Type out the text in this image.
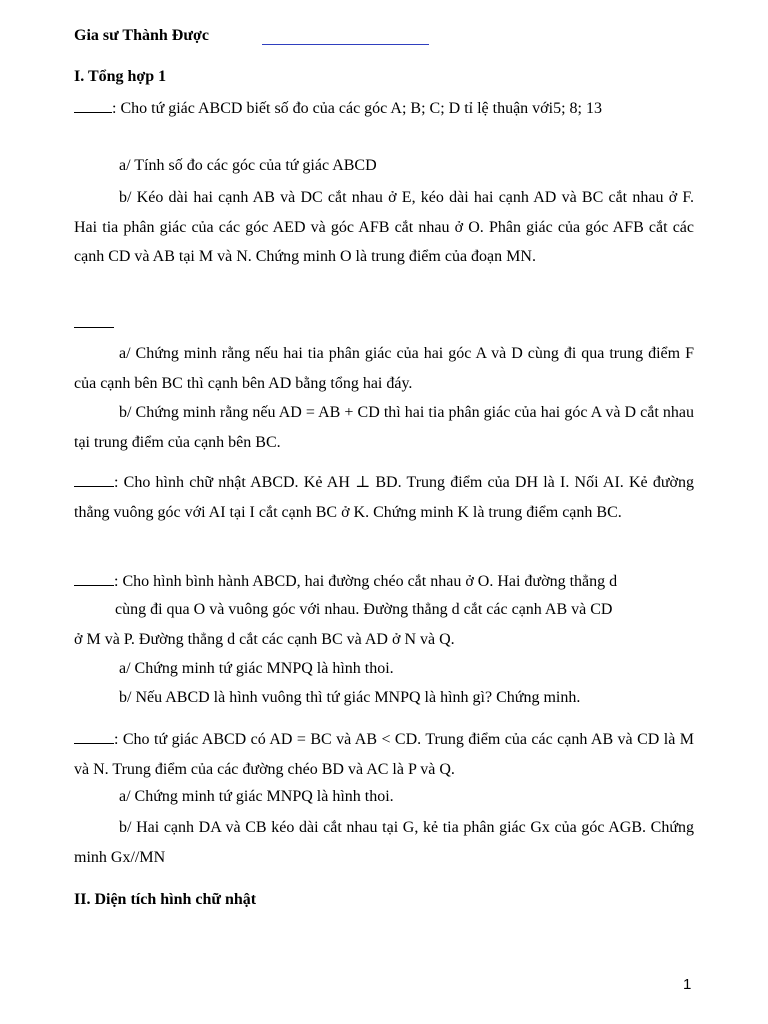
Gia sư Thành Được
I. Tổng hợp 1
: Cho tứ giác ABCD biết số đo của các góc A; B; C; D tỉ lệ thuận với5; 8; 13
a/ Tính số đo các góc của tứ giác ABCD
b/ Kéo dài hai cạnh AB và DC cắt nhau ở E, kéo dài hai cạnh AD và BC cắt nhau ở F. Hai tia phân giác của các góc AED và góc AFB cắt nhau ở O. Phân giác của góc AFB cắt các cạnh CD và AB tại M và N. Chứng minh O là trung điểm của đoạn MN.
a/ Chứng minh rằng nếu hai tia phân giác của hai góc A và D cùng đi qua trung điểm F của cạnh bên BC thì cạnh bên AD bằng tổng hai đáy.
b/ Chứng minh rằng nếu AD = AB + CD thì hai tia phân giác của hai góc A và D cắt nhau tại trung điểm của cạnh bên BC.
: Cho hình chữ nhật ABCD. Kẻ AH ⊥ BD. Trung điểm của DH là I. Nối AI. Kẻ đường thẳng vuông góc với AI tại I cắt cạnh BC ở K. Chứng minh K là trung điểm cạnh BC.
: Cho hình bình hành ABCD, hai đường chéo cắt nhau ở O. Hai đường thẳng d
cùng đi qua O và vuông góc với nhau. Đường thẳng d cắt các cạnh AB và CD
ở M và P. Đường thẳng d cắt các cạnh BC và AD ở N và Q.
a/ Chứng minh tứ giác MNPQ là hình thoi.
b/ Nếu ABCD là hình vuông thì tứ giác MNPQ là hình gì? Chứng minh.
: Cho tứ giác ABCD có AD = BC và AB < CD. Trung điểm của các cạnh AB và CD là M và N. Trung điểm của các đường chéo BD và AC là P và Q.
a/ Chứng minh tứ giác MNPQ là hình thoi.
b/ Hai cạnh DA và CB kéo dài cắt nhau tại G, kẻ tia phân giác Gx của góc AGB. Chứng minh Gx//MN
II. Diện tích hình chữ nhật
1
